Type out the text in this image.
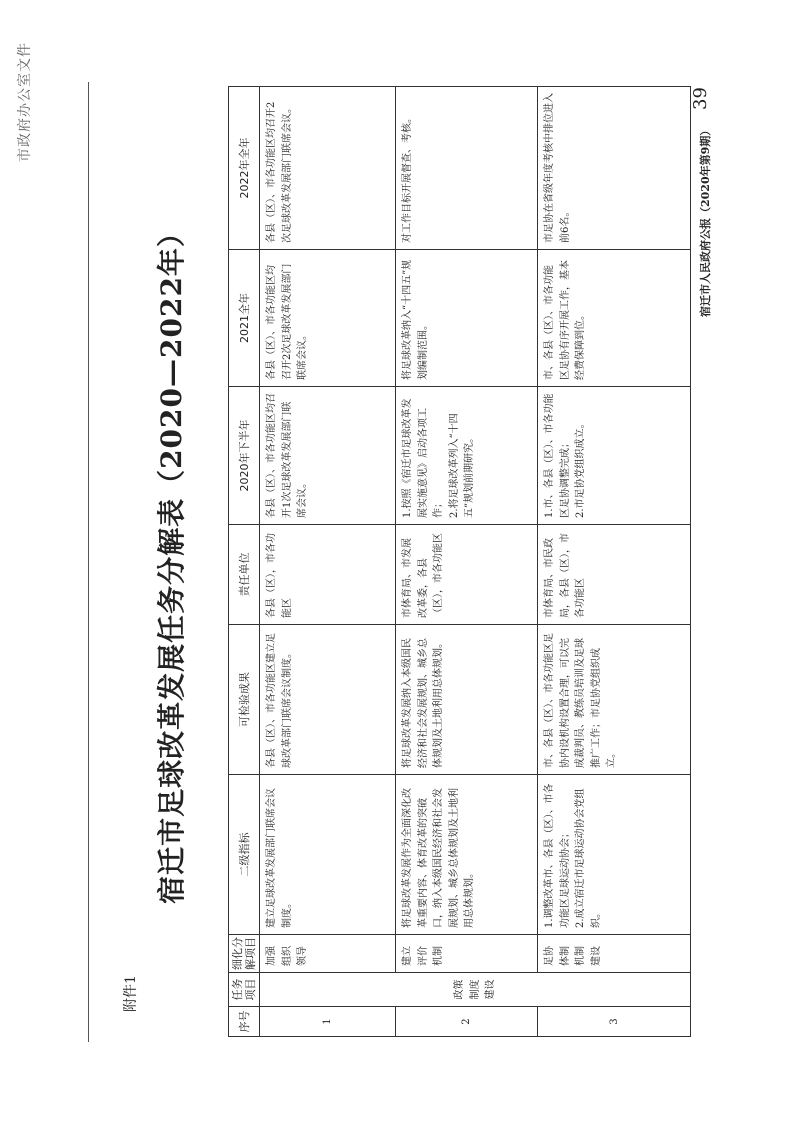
市政府办公室文件
附件1
宿迁市足球改革发展任务分解表（2020—2022年）
序号	任务项目	细化分解项目	二级指标	可检验成果	责任单位	2020年下半年	2021全年	2022年全年
1	政策制度建设	加强组织领导	建立足球改革发展部门联席会议制度。	各县（区）、市各功能区建立足球改革部门联席会议制度。	各县（区），市各功能区	各县（区）、市各功能区均召开1次足球改革发展部门联席会议。	各县（区）、市各功能区均召开2次足球改革发展部门联席会议。	各县（区）、市各功能区均召开2次足球改革发展部门联席会议。
2		建立评价机制	将足球改革发展作为全面深化改革重要内容、体育改革的突破口，纳入本级国民经济和社会发展规划、城乡总体规划及土地利用总体规划。	将足球改革发展纳入本级国民经济和社会发展规划、城乡总体规划及土地利用总体规划。	市体育局、市发展改革委，各县（区），市各功能区	1.按照《宿迁市足球改革发展实施意见》启动各项工作；
2.将足球改革列入“十四五”规划前期研究。	将足球改革纳入“十四五”规划编制范围。	对工作目标开展督查、考核。
3		足协体制机制建设	1.调整改革市、各县（区）、市各功能区足球运动协会；
2.成立宿迁市足球运动协会党组织。	市、各县（区）、市各功能区足协内设机构设置合理，可以完成裁判员、教练员培训及足球推广工作；市足协党组织成立。	市体育局、市民政局，各县（区），市各功能区	1.市、各县（区）、市各功能区足协调整完成；
2.市足协党组织成立。	市、各县（区）、市各功能区足协有序开展工作，基本经费保障到位。	市足协在省级年度考核中排位进入前6名。	宿迁市人民政府公报（2020年第9期）
39
